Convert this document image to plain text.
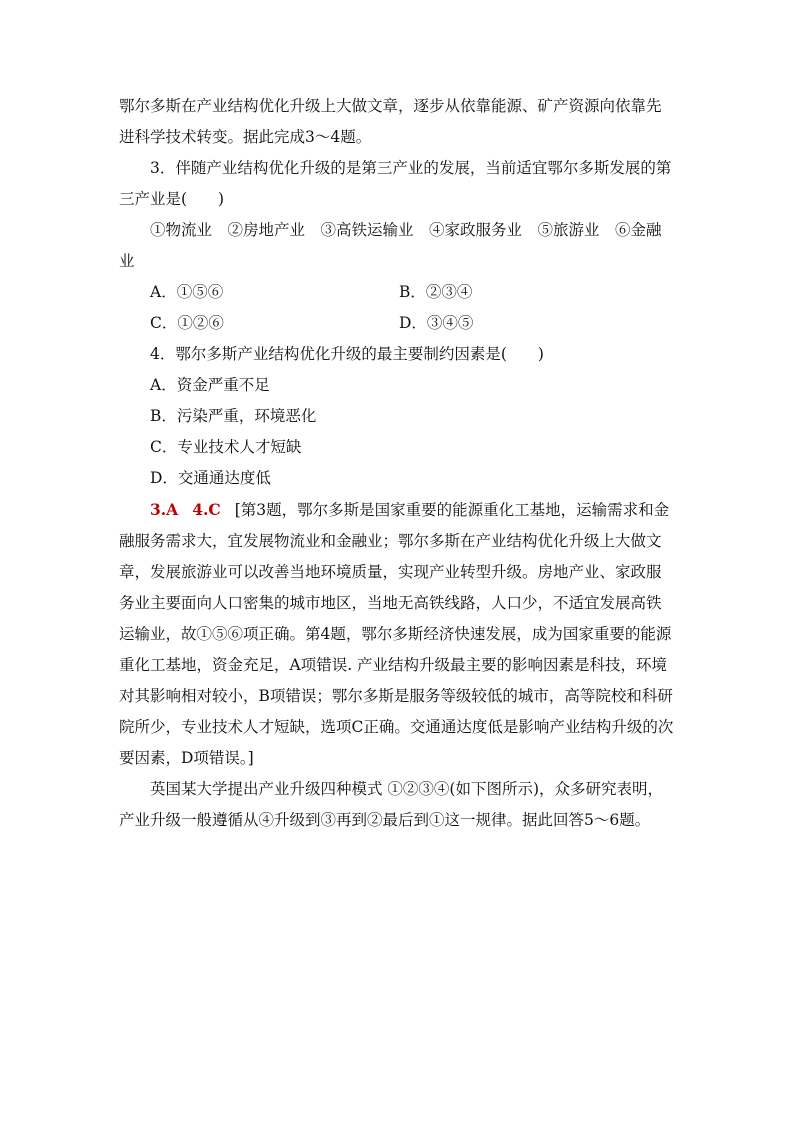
鄂尔多斯在产业结构优化升级上大做文章，逐步从依靠能源、矿产资源向依靠先进科学技术转变。据此完成3～4题。

3．伴随产业结构优化升级的是第三产业的发展，当前适宜鄂尔多斯发展的第三产业是(　　)

①物流业　②房地产业　③高铁运输业　④家政服务业　⑤旅游业　⑥金融业

A．①⑤⑥	B．②③④
C．①②⑥	D．③④⑤

4．鄂尔多斯产业结构优化升级的最主要制约因素是(　　)

A．资金严重不足

B．污染严重，环境恶化

C．专业技术人才短缺

D．交通通达度低

3.A 4.C [第3题，鄂尔多斯是国家重要的能源重化工基地，运输需求和金融服务需求大，宜发展物流业和金融业；鄂尔多斯在产业结构优化升级上大做文章，发展旅游业可以改善当地环境质量，实现产业转型升级。房地产业、家政服务业主要面向人口密集的城市地区，当地无高铁线路，人口少，不适宜发展高铁运输业，故①⑤⑥项正确。第4题，鄂尔多斯经济快速发展，成为国家重要的能源重化工基地，资金充足，A项错误. 产业结构升级最主要的影响因素是科技，环境对其影响相对较小，B项错误；鄂尔多斯是服务等级较低的城市，高等院校和科研院所少，专业技术人才短缺，选项C正确。交通通达度低是影响产业结构升级的次要因素，D项错误。]

英国某大学提出产业升级四种模式 ①②③④(如下图所示)，众多研究表明，产业升级一般遵循从④升级到③再到②最后到①这一规律。据此回答5～6题。
